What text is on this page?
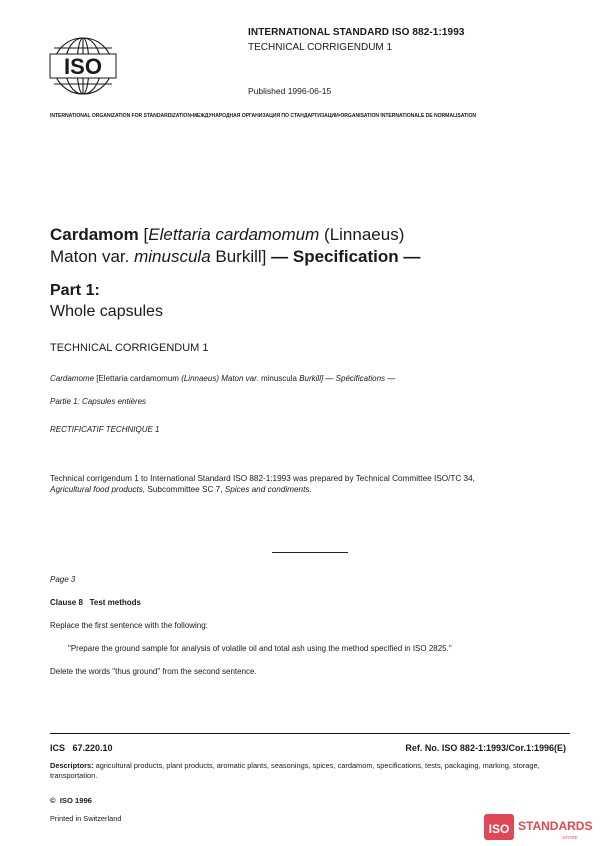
ISO
INTERNATIONAL STANDARD ISO 882-1:1993
TECHNICAL CORRIGENDUM 1
Published 1996-06-15
INTERNATIONAL ORGANIZATION FOR STANDARDIZATION•МЕЖДУНАРОДНАЯ ОРГАНИЗАЦИЯ ПО СТАНДАРТИЗАЦИИ•ORGANISATION INTERNATIONALE DE NORMALISATION
Cardamom [Elettaria cardamomum (Linnaeus)
Maton var. minuscula Burkill] — Specification —
Part 1:
Whole capsules
TECHNICAL CORRIGENDUM 1
Cardamome [Elettaria cardamomum (Linnaeus) Maton var. minuscula Burkill] — Spécifications —
Partie 1: Capsules entières
RECTIFICATIF TECHNIQUE 1
Technical corrigendum 1 to International Standard ISO 882-1:1993 was prepared by Technical Committee ISO/TC 34,
Agricultural food products, Subcommittee SC 7, Spices and condiments.
Page 3
Clause 8   Test methods
Replace the first sentence with the following:
"Prepare the ground sample for analysis of volatile oil and total ash using the method specified in ISO 2825."
Delete the words "thus ground" from the second sentence.
ICS   67.220.10	Ref. No. ISO 882-1:1993/Cor.1:1996(E)
Descriptors: agricultural products, plant products, aromatic plants, seasonings, spices, cardamom, specifications, tests, packaging, marking, storage, transportation.
©  ISO 1996
Printed in Switzerland
ISO STANDARDS
STORE
